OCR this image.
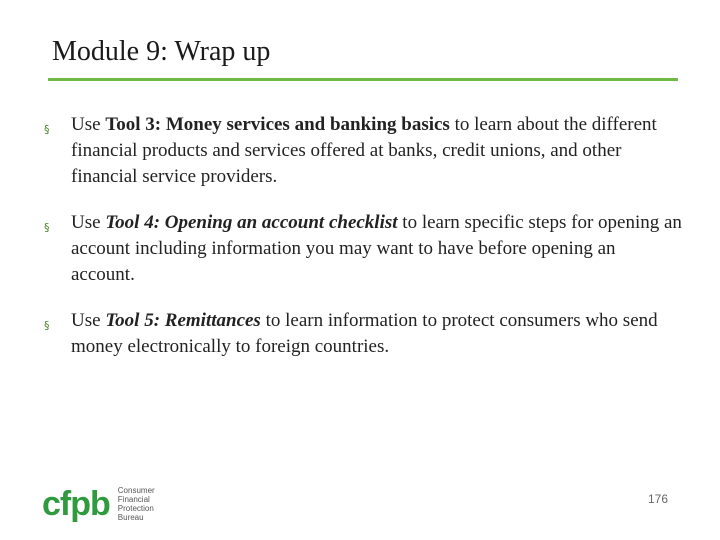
Module 9: Wrap up
§ Use Tool 3: Money services and banking basics to learn about the different financial products and services offered at banks, credit unions, and other financial service providers.
§ Use Tool 4: Opening an account checklist to learn specific steps for opening an account including information you may want to have before opening an account.
§ Use Tool 5: Remittances to learn information to protect consumers who send money electronically to foreign countries.
cfpb Consumer Financial Protection Bureau
176
